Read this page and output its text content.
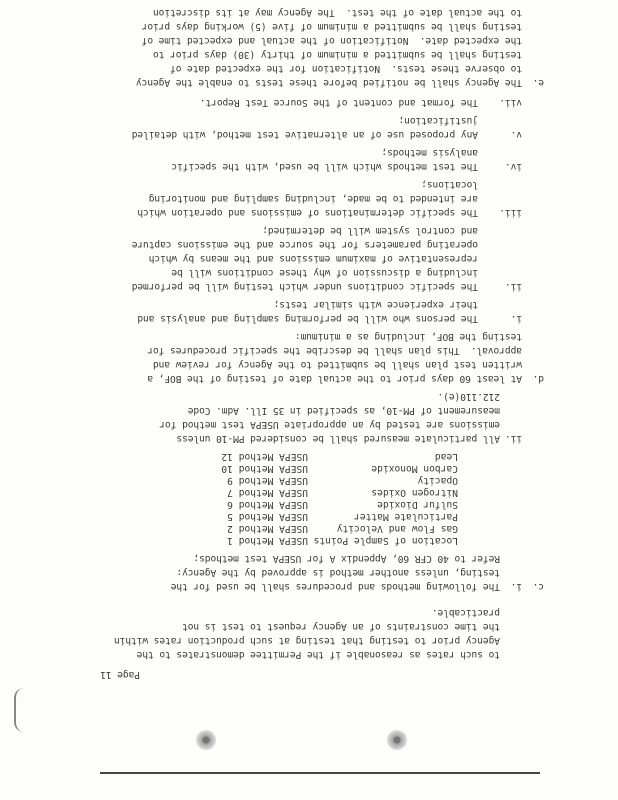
Page 11
to such rates as reasonable if the Permittee demonstrates to the
Agency prior to testing that testing at such production rates within
the time constraints of an Agency request to test is not
practicable.
c.
i.
The following methods and procedures shall be used for the
testing, unless another method is approved by the Agency:
Refer to 40 CFR 60, Appendix A for USEPA test methods;
Location of Sample Points
USEPA Method 1
Gas Flow and Velocity
USEPA Method 2
Particulate Matter
USEPA Method 5
Sulfur Dioxide
USEPA Method 6
Nitrogen Oxides
USEPA Method 7
Opacity
USEPA Method 9
Carbon Monoxide
USEPA Method 10
Lead
USEPA Method 12
ii.
All particulate measured shall be considered PM-10 unless
emissions are tested by an appropriate USEPA test method for
measurement of PM-10, as specified in 35 Ill. Adm. Code
212.110(e).
d.
At least 60 days prior to the actual date of testing of the BOF, a
written test plan shall be submitted to the Agency for review and
approval.  This plan shall be describe the specific procedures for
testing the BOF, including as a minimum:
i.
The persons who will be performing sampling and analysis and
their experience with similar tests;
ii.
The specific conditions under which testing will be performed
including a discussion of why these conditions will be
representative of maximum emissions and the means by which
operating parameters for the source and the emissions capture
and control system will be determined;
iii.
The specific determinations of emissions and operation which
are intended to be made, including sampling and monitoring
locations;
iv.
The test methods which will be used, with the specific
analysis methods;
v.
Any proposed use of an alternative test method, with detailed
justification;
vii.
The format and content of the Source Test Report.
e.
The Agency shall be notified before these tests to enable the Agency
to observe these tests.  Notification for the expected date of
testing shall be submitted a minimum of thirty (30) days prior to
the expected date.  Notification of the actual and expected time of
testing shall be submitted a minimum of five (5) working days prior
to the actual date of the test.  The Agency may at its discretion
